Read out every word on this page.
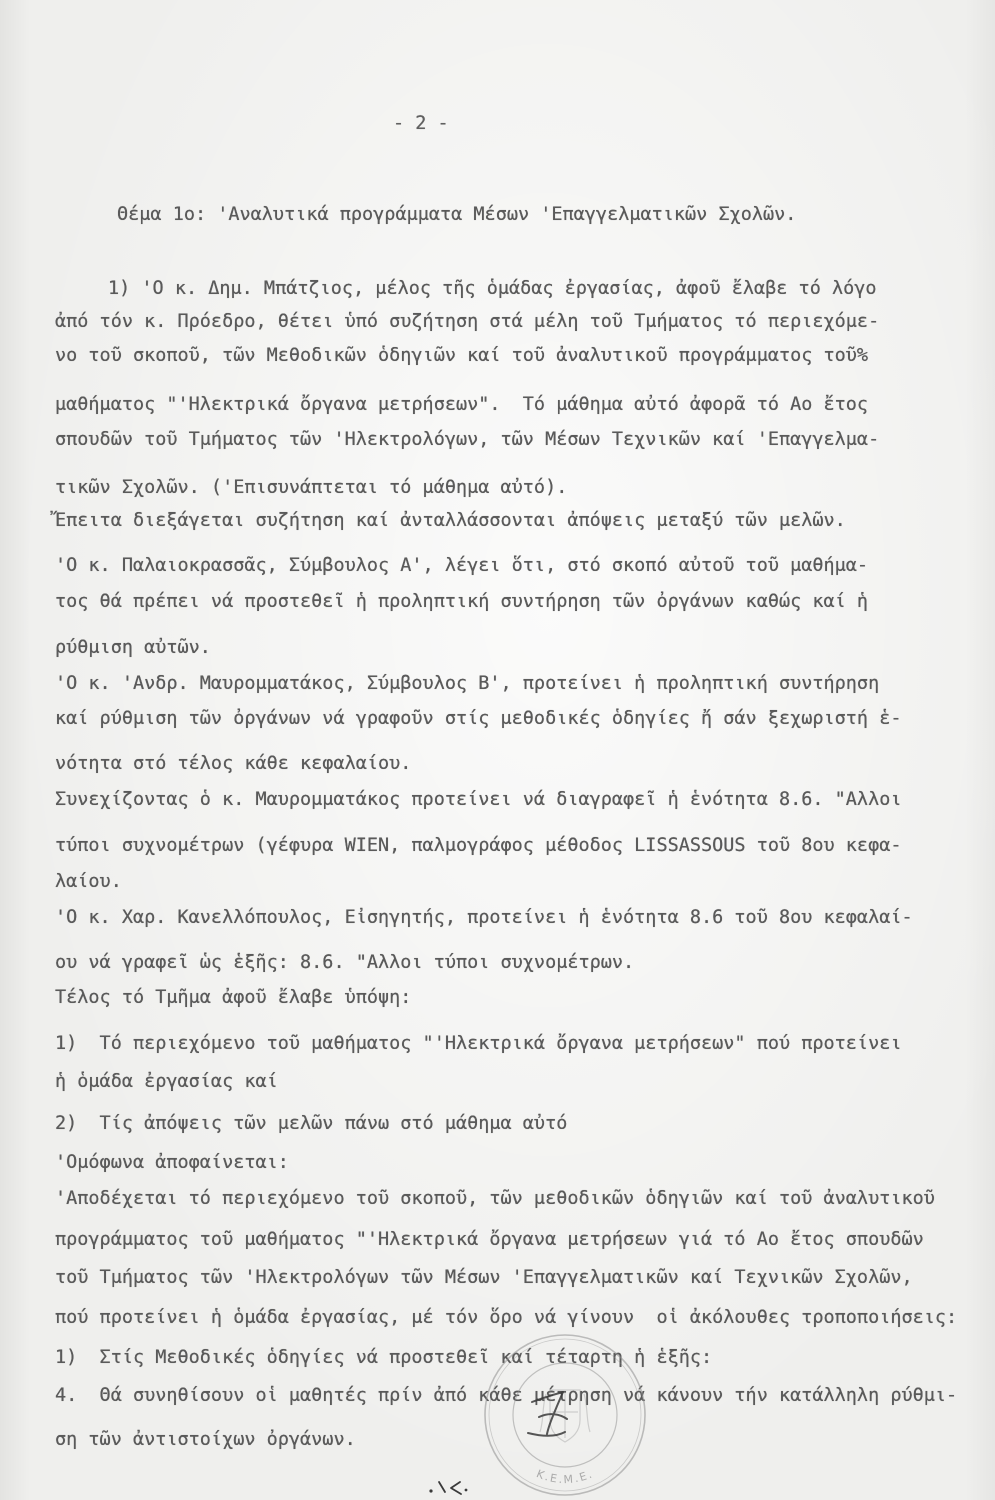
- 2 -
Θέμα 1ο: 'Αναλυτικά προγράμματα Μέσων 'Επαγγελματικῶν Σχολῶν.
1) 'Ο κ. Δημ. Μπάτζιος, μέλος τῆς ὁμάδας ἐργασίας, ἀφοῦ ἔλαβε τό λόγο
ἀπό τόν κ. Πρόεδρο, θέτει ὑπό συζήτηση στά μέλη τοῦ Τμήματος τό περιεχόμε-
νο τοῦ σκοποῦ, τῶν Μεθοδικῶν ὁδηγιῶν καί τοῦ ἀναλυτικοῦ προγράμματος τοῦ%
μαθήματος "'Ηλεκτρικά ὄργανα μετρήσεων".  Τό μάθημα αὐτό ἀφορᾶ τό Αο ἔτος
σπουδῶν τοῦ Τμήματος τῶν 'Ηλεκτρολόγων, τῶν Μέσων Τεχνικῶν καί 'Επαγγελμα-
τικῶν Σχολῶν. ('Επισυνάπτεται τό μάθημα αὐτό).
Ἔπειτα διεξάγεται συζήτηση καί ἀνταλλάσσονται ἀπόψεις μεταξύ τῶν μελῶν.
'Ο κ. Παλαιοκρασσᾶς, Σύμβουλος Α', λέγει ὅτι, στό σκοπό αὐτοῦ τοῦ μαθήμα-
τος θά πρέπει νά προστεθεῖ ἡ προληπτική συντήρηση τῶν ὀργάνων καθώς καί ἡ
ρύθμιση αὐτῶν.
'Ο κ. 'Ανδρ. Μαυρομματάκος, Σύμβουλος Β', προτείνει ἡ προληπτική συντήρηση
καί ρύθμιση τῶν ὀργάνων νά γραφοῦν στίς μεθοδικές ὁδηγίες ἤ σάν ξεχωριστή ἑ-
νότητα στό τέλος κάθε κεφαλαίου.
Συνεχίζοντας ὁ κ. Μαυρομματάκος προτείνει νά διαγραφεῖ ἡ ἑνότητα 8.6. "Αλλοι
τύποι συχνομέτρων (γέφυρα WIEN, παλμογράφος μέθοδος LISSASSOUS τοῦ 8ου κεφα-
λαίου.
'Ο κ. Χαρ. Κανελλόπουλος, Εἰσηγητής, προτείνει ἡ ἑνότητα 8.6 τοῦ 8ου κεφαλαί-
ου νά γραφεῖ ὡς ἑξῆς: 8.6. "Αλλοι τύποι συχνομέτρων.
Τέλος τό Τμῆμα ἀφοῦ ἔλαβε ὑπόψη:
1)  Τό περιεχόμενο τοῦ μαθήματος "'Ηλεκτρικά ὄργανα μετρήσεων" πού προτείνει
ἡ ὁμάδα ἐργασίας καί
2)  Τίς ἀπόψεις τῶν μελῶν πάνω στό μάθημα αὐτό
'Ομόφωνα ἀποφαίνεται:
'Αποδέχεται τό περιεχόμενο τοῦ σκοποῦ, τῶν μεθοδικῶν ὁδηγιῶν καί τοῦ ἀναλυτικοῦ
προγράμματος τοῦ μαθήματος "'Ηλεκτρικά ὄργανα μετρήσεων γιά τό Αο ἔτος σπουδῶν
τοῦ Τμήματος τῶν 'Ηλεκτρολόγων τῶν Μέσων 'Επαγγελματικῶν καί Τεχνικῶν Σχολῶν,
πού προτείνει ἡ ὁμάδα ἐργασίας, μέ τόν ὅρο νά γίνουν  οἱ ἀκόλουθες τροποποιήσεις:
1)  Στίς Μεθοδικές ὁδηγίες νά προστεθεῖ καί τέταρτη ἡ ἑξῆς:
4.  Θά συνηθίσουν οἱ μαθητές πρίν ἀπό κάθε μέτρηση νά κάνουν τήν κατάλληλη ρύθμι-
ση τῶν ἀντιστοίχων ὀργάνων.
Κ.Ε.Μ.Ε.
